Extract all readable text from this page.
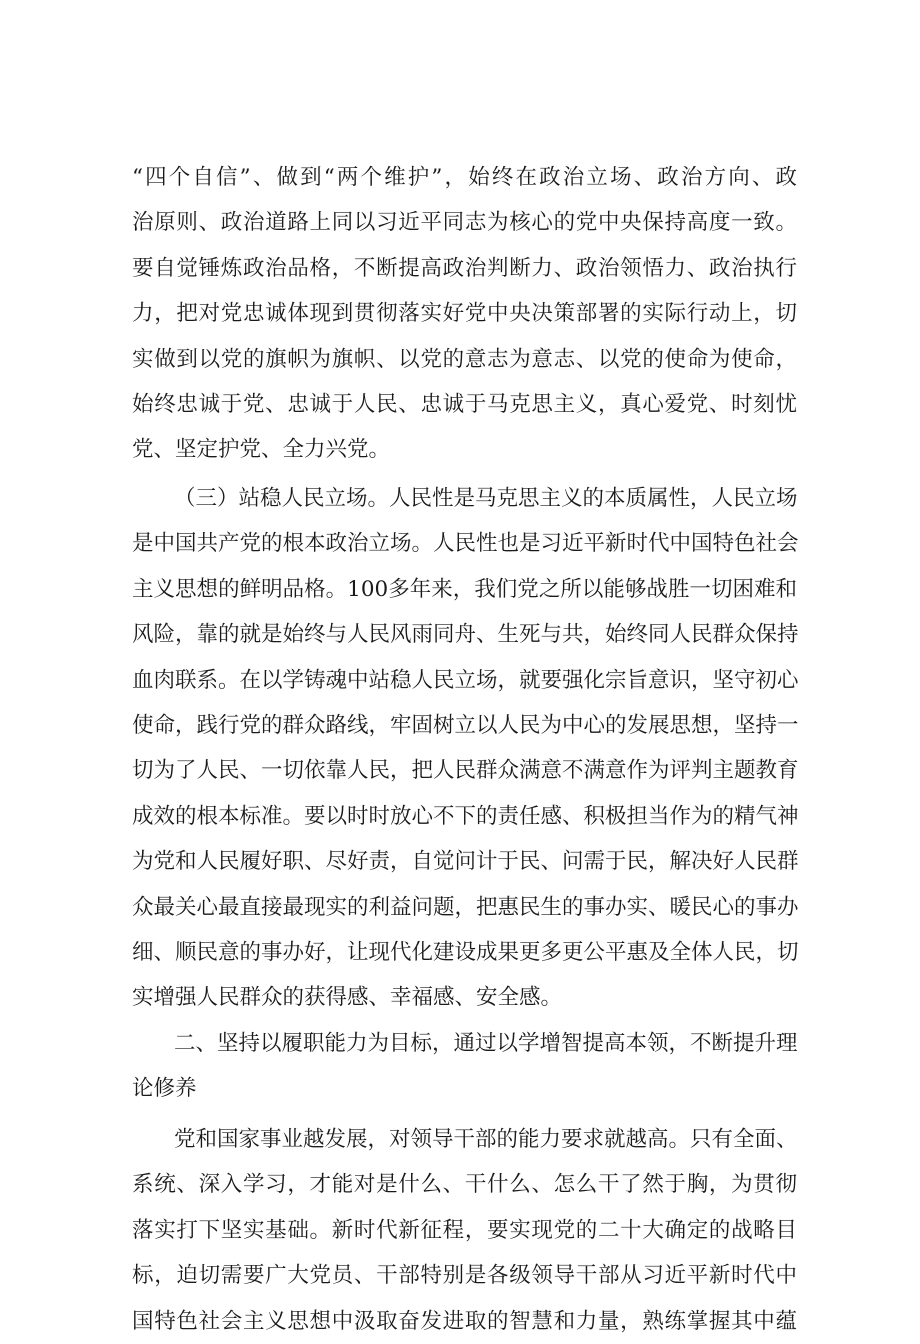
“四个自信”、做到“两个维护”，始终在政治立场、政治方向、政
治原则、政治道路上同以习近平同志为核心的党中央保持高度一致。
要自觉锤炼政治品格，不断提高政治判断力、政治领悟力、政治执行
力，把对党忠诚体现到贯彻落实好党中央决策部署的实际行动上，切
实做到以党的旗帜为旗帜、以党的意志为意志、以党的使命为使命，
始终忠诚于党、忠诚于人民、忠诚于马克思主义，真心爱党、时刻忧
党、坚定护党、全力兴党。
（三）站稳人民立场。人民性是马克思主义的本质属性，人民立场
是中国共产党的根本政治立场。人民性也是习近平新时代中国特色社会
主义思想的鲜明品格。100多年来，我们党之所以能够战胜一切困难和
风险，靠的就是始终与人民风雨同舟、生死与共，始终同人民群众保持
血肉联系。在以学铸魂中站稳人民立场，就要强化宗旨意识，坚守初心
使命，践行党的群众路线，牢固树立以人民为中心的发展思想，坚持一
切为了人民、一切依靠人民，把人民群众满意不满意作为评判主题教育
成效的根本标准。要以时时放心不下的责任感、积极担当作为的精气神
为党和人民履好职、尽好责，自觉问计于民、问需于民，解决好人民群
众最关心最直接最现实的利益问题，把惠民生的事办实、暖民心的事办
细、顺民意的事办好，让现代化建设成果更多更公平惠及全体人民，切
实增强人民群众的获得感、幸福感、安全感。
二、坚持以履职能力为目标，通过以学增智提高本领，不断提升理
论修养
党和国家事业越发展，对领导干部的能力要求就越高。只有全面、
系统、深入学习，才能对是什么、干什么、怎么干了然于胸，为贯彻
落实打下坚实基础。新时代新征程，要实现党的二十大确定的战略目
标，迫切需要广大党员、干部特别是各级领导干部从习近平新时代中
国特色社会主义思想中汲取奋发进取的智慧和力量，熟练掌握其中蕴
